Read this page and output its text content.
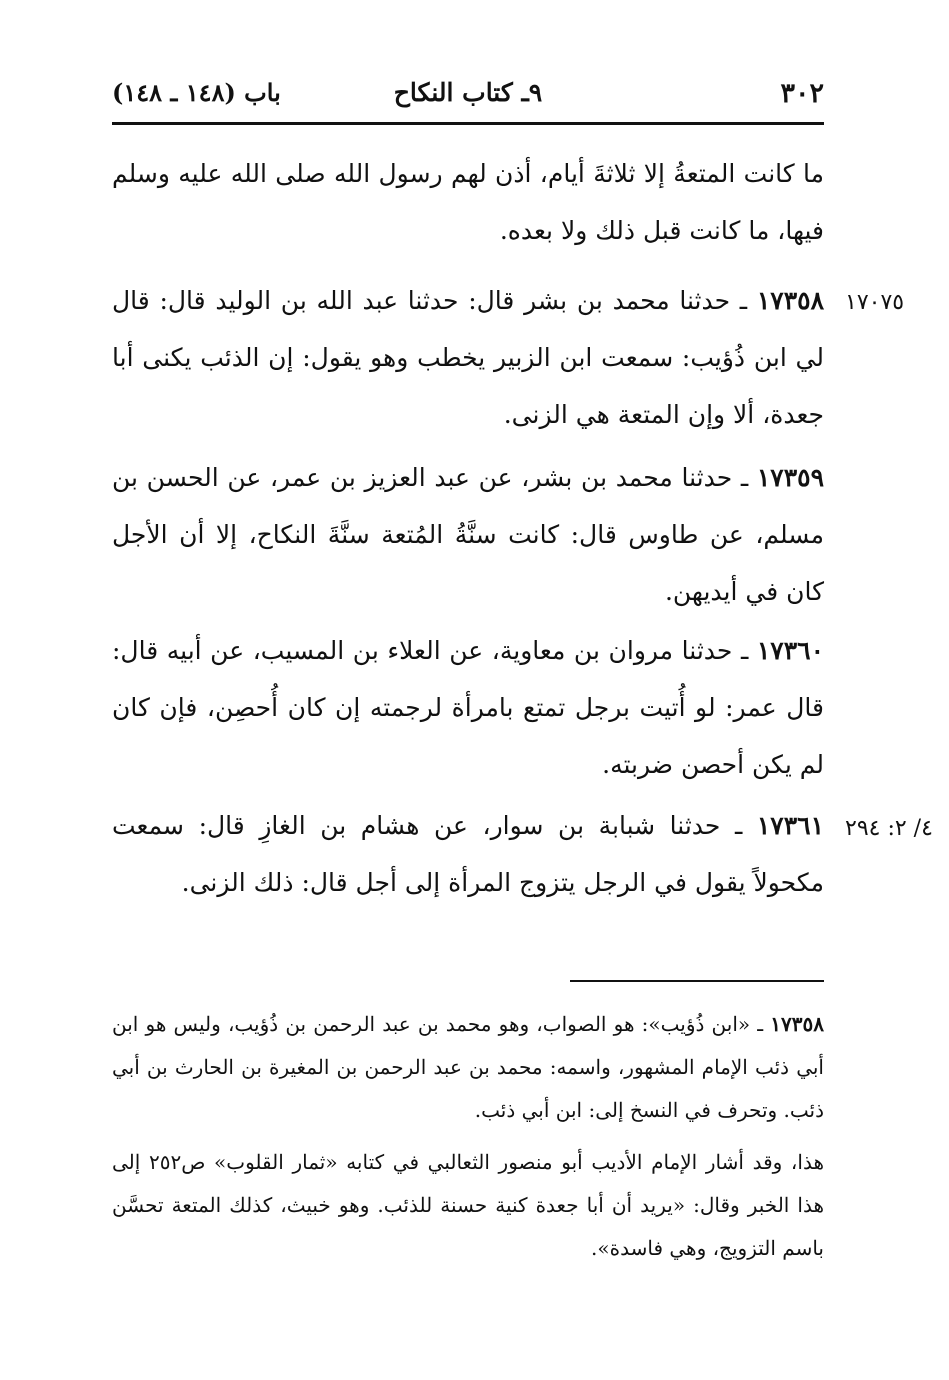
٣٠٢
٩ـ كتاب النكاح
باب (١٤٨ ـ ١٤٨)
ما كانت المتعةُ إلا ثلاثةَ أيام، أذن لهم رسول الله صلى الله عليه وسلم فيها، ما كانت قبل ذلك ولا بعده.
١٧٠٧٥
١٧٣٥٨ ـ حدثنا محمد بن بشر قال: حدثنا عبد الله بن الوليد قال: قال لي ابن ذُؤيب: سمعت ابن الزبير يخطب وهو يقول: إن الذئب يكنى أبا جعدة، ألا وإن المتعة هي الزنى.
١٧٣٥٩ ـ حدثنا محمد بن بشر، عن عبد العزيز بن عمر، عن الحسن بن مسلم، عن طاوس قال: كانت سنَّةُ المُتعة سنَّةَ النكاح، إلا أن الأجل كان في أيديهن.
١٧٣٦٠ ـ حدثنا مروان بن معاوية، عن العلاء بن المسيب، عن أبيه قال: قال عمر: لو أُتيت برجل تمتع بامرأة لرجمته إن كان أُحصِن، فإن كان لم يكن أحصن ضربته.
٤/ ٢: ٢٩٤
١٧٣٦١ ـ حدثنا شبابة بن سوار، عن هشام بن الغازِ قال: سمعت مكحولاً يقول في الرجل يتزوج المرأة إلى أجل قال: ذلك الزنى.
١٧٣٥٨ ـ «ابن ذُؤيب»: هو الصواب، وهو محمد بن عبد الرحمن بن ذُؤيب، وليس هو ابن أبي ذئب الإمام المشهور، واسمه: محمد بن عبد الرحمن بن المغيرة بن الحارث بن أبي ذئب. وتحرف في النسخ إلى: ابن أبي ذئب.
هذا، وقد أشار الإمام الأديب أبو منصور الثعالبي في كتابه «ثمار القلوب» ص٢٥٢ إلى هذا الخبر وقال: «يريد أن أبا جعدة كنية حسنة للذئب. وهو خبيث، كذلك المتعة تحسَّن باسم التزويج، وهي فاسدة».
